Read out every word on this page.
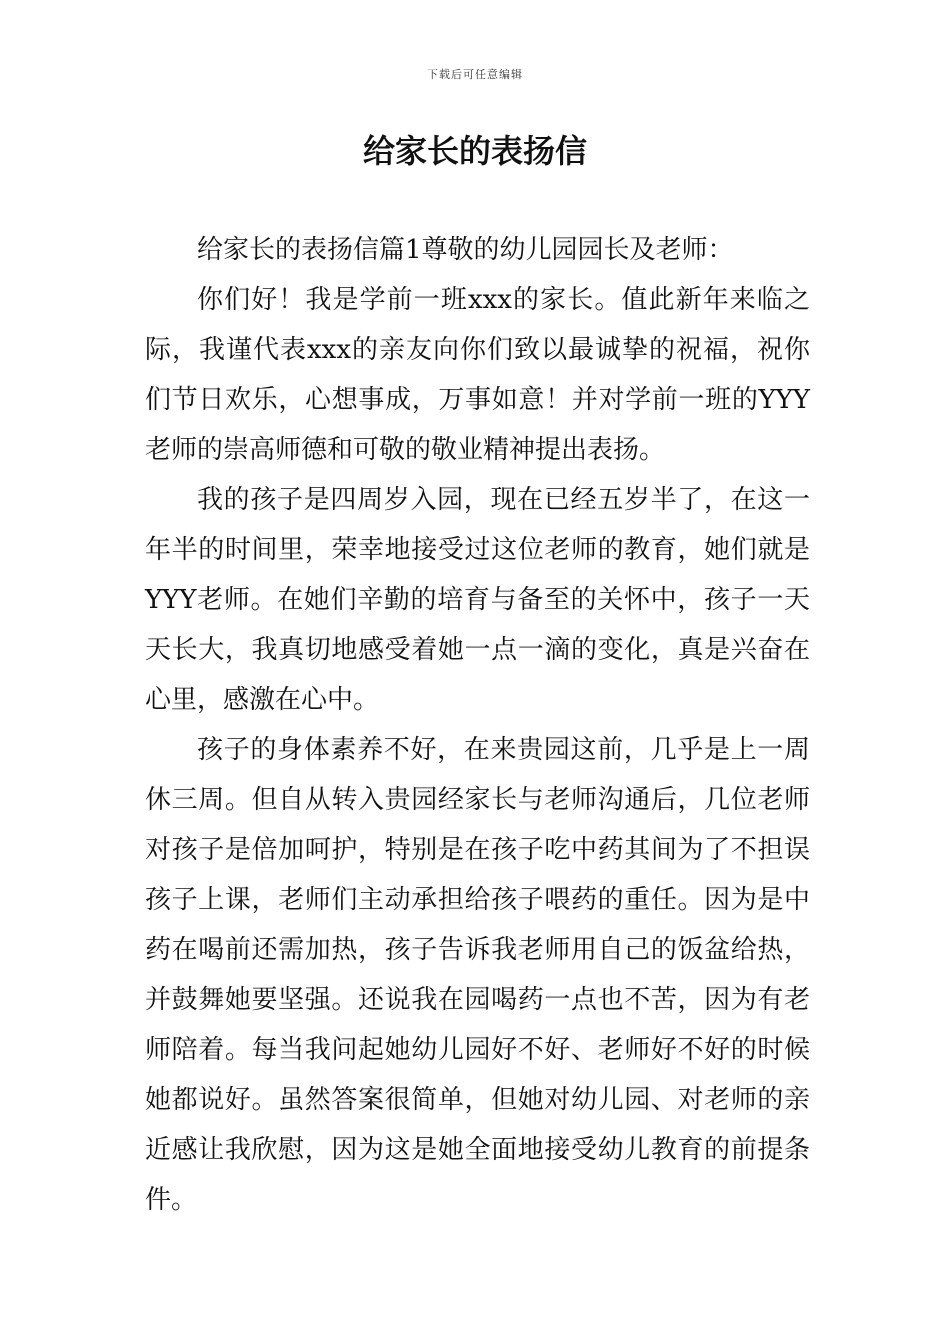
下载后可任意编辑
给家长的表扬信

给家长的表扬信篇1尊敬的幼儿园园长及老师：

你们好！我是学前一班xxx的家长。值此新年来临之际，我谨代表xxx的亲友向你们致以最诚挚的祝福，祝你们节日欢乐，心想事成，万事如意！并对学前一班的YYY老师的崇高师德和可敬的敬业精神提出表扬。

我的孩子是四周岁入园，现在已经五岁半了，在这一年半的时间里，荣幸地接受过这位老师的教育，她们就是YYY老师。在她们辛勤的培育与备至的关怀中，孩子一天天长大，我真切地感受着她一点一滴的变化，真是兴奋在心里，感激在心中。

孩子的身体素养不好，在来贵园这前，几乎是上一周休三周。但自从转入贵园经家长与老师沟通后，几位老师对孩子是倍加呵护，特别是在孩子吃中药其间为了不担误孩子上课，老师们主动承担给孩子喂药的重任。因为是中药在喝前还需加热，孩子告诉我老师用自己的饭盆给热，并鼓舞她要坚强。还说我在园喝药一点也不苦，因为有老师陪着。每当我问起她幼儿园好不好、老师好不好的时候她都说好。虽然答案很简单，但她对幼儿园、对老师的亲近感让我欣慰，因为这是她全面地接受幼儿教育的前提条件。
